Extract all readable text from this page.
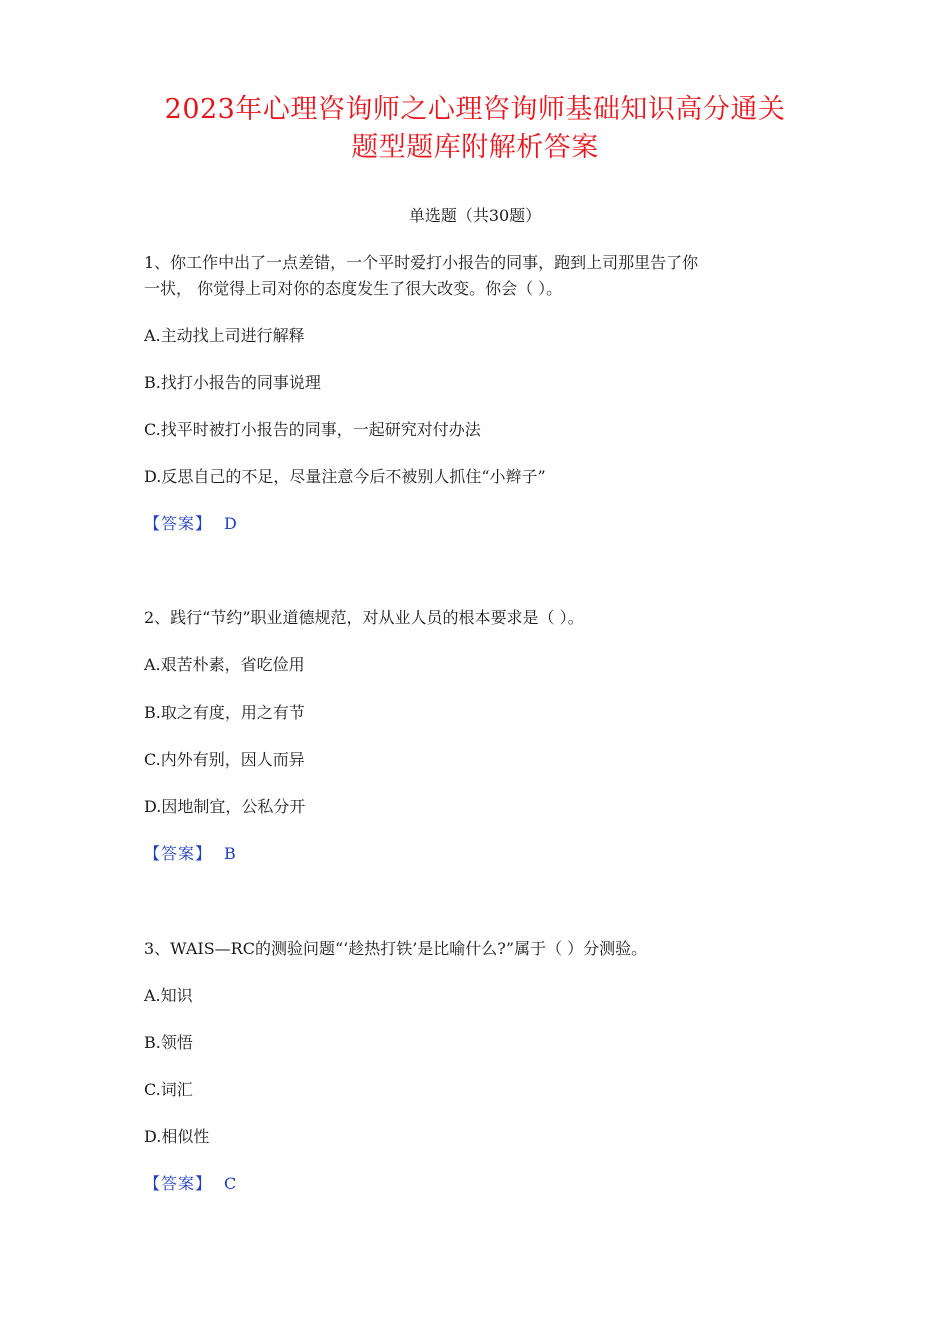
2023年心理咨询师之心理咨询师基础知识高分通关
题型题库附解析答案
单选题（共30题）
1、你工作中出了一点差错，一个平时爱打小报告的同事，跑到上司那里告了你
一状， 你觉得上司对你的态度发生了很大改变。你会（ ）。
A.主动找上司进行解释
B.找打小报告的同事说理
C.找平时被打小报告的同事，一起研究对付办法
D.反思自己的不足，尽量注意今后不被别人抓住“小辫子”
【答案】 D
2、践行“节约”职业道德规范，对从业人员的根本要求是（ ）。
A.艰苦朴素，省吃俭用
B.取之有度，用之有节
C.内外有别，因人而异
D.因地制宜，公私分开
【答案】 B
3、WAIS—RC的测验问题“‘趁热打铁’是比喻什么?”属于（ ）分测验。
A.知识
B.领悟
C.词汇
D.相似性
【答案】 C
